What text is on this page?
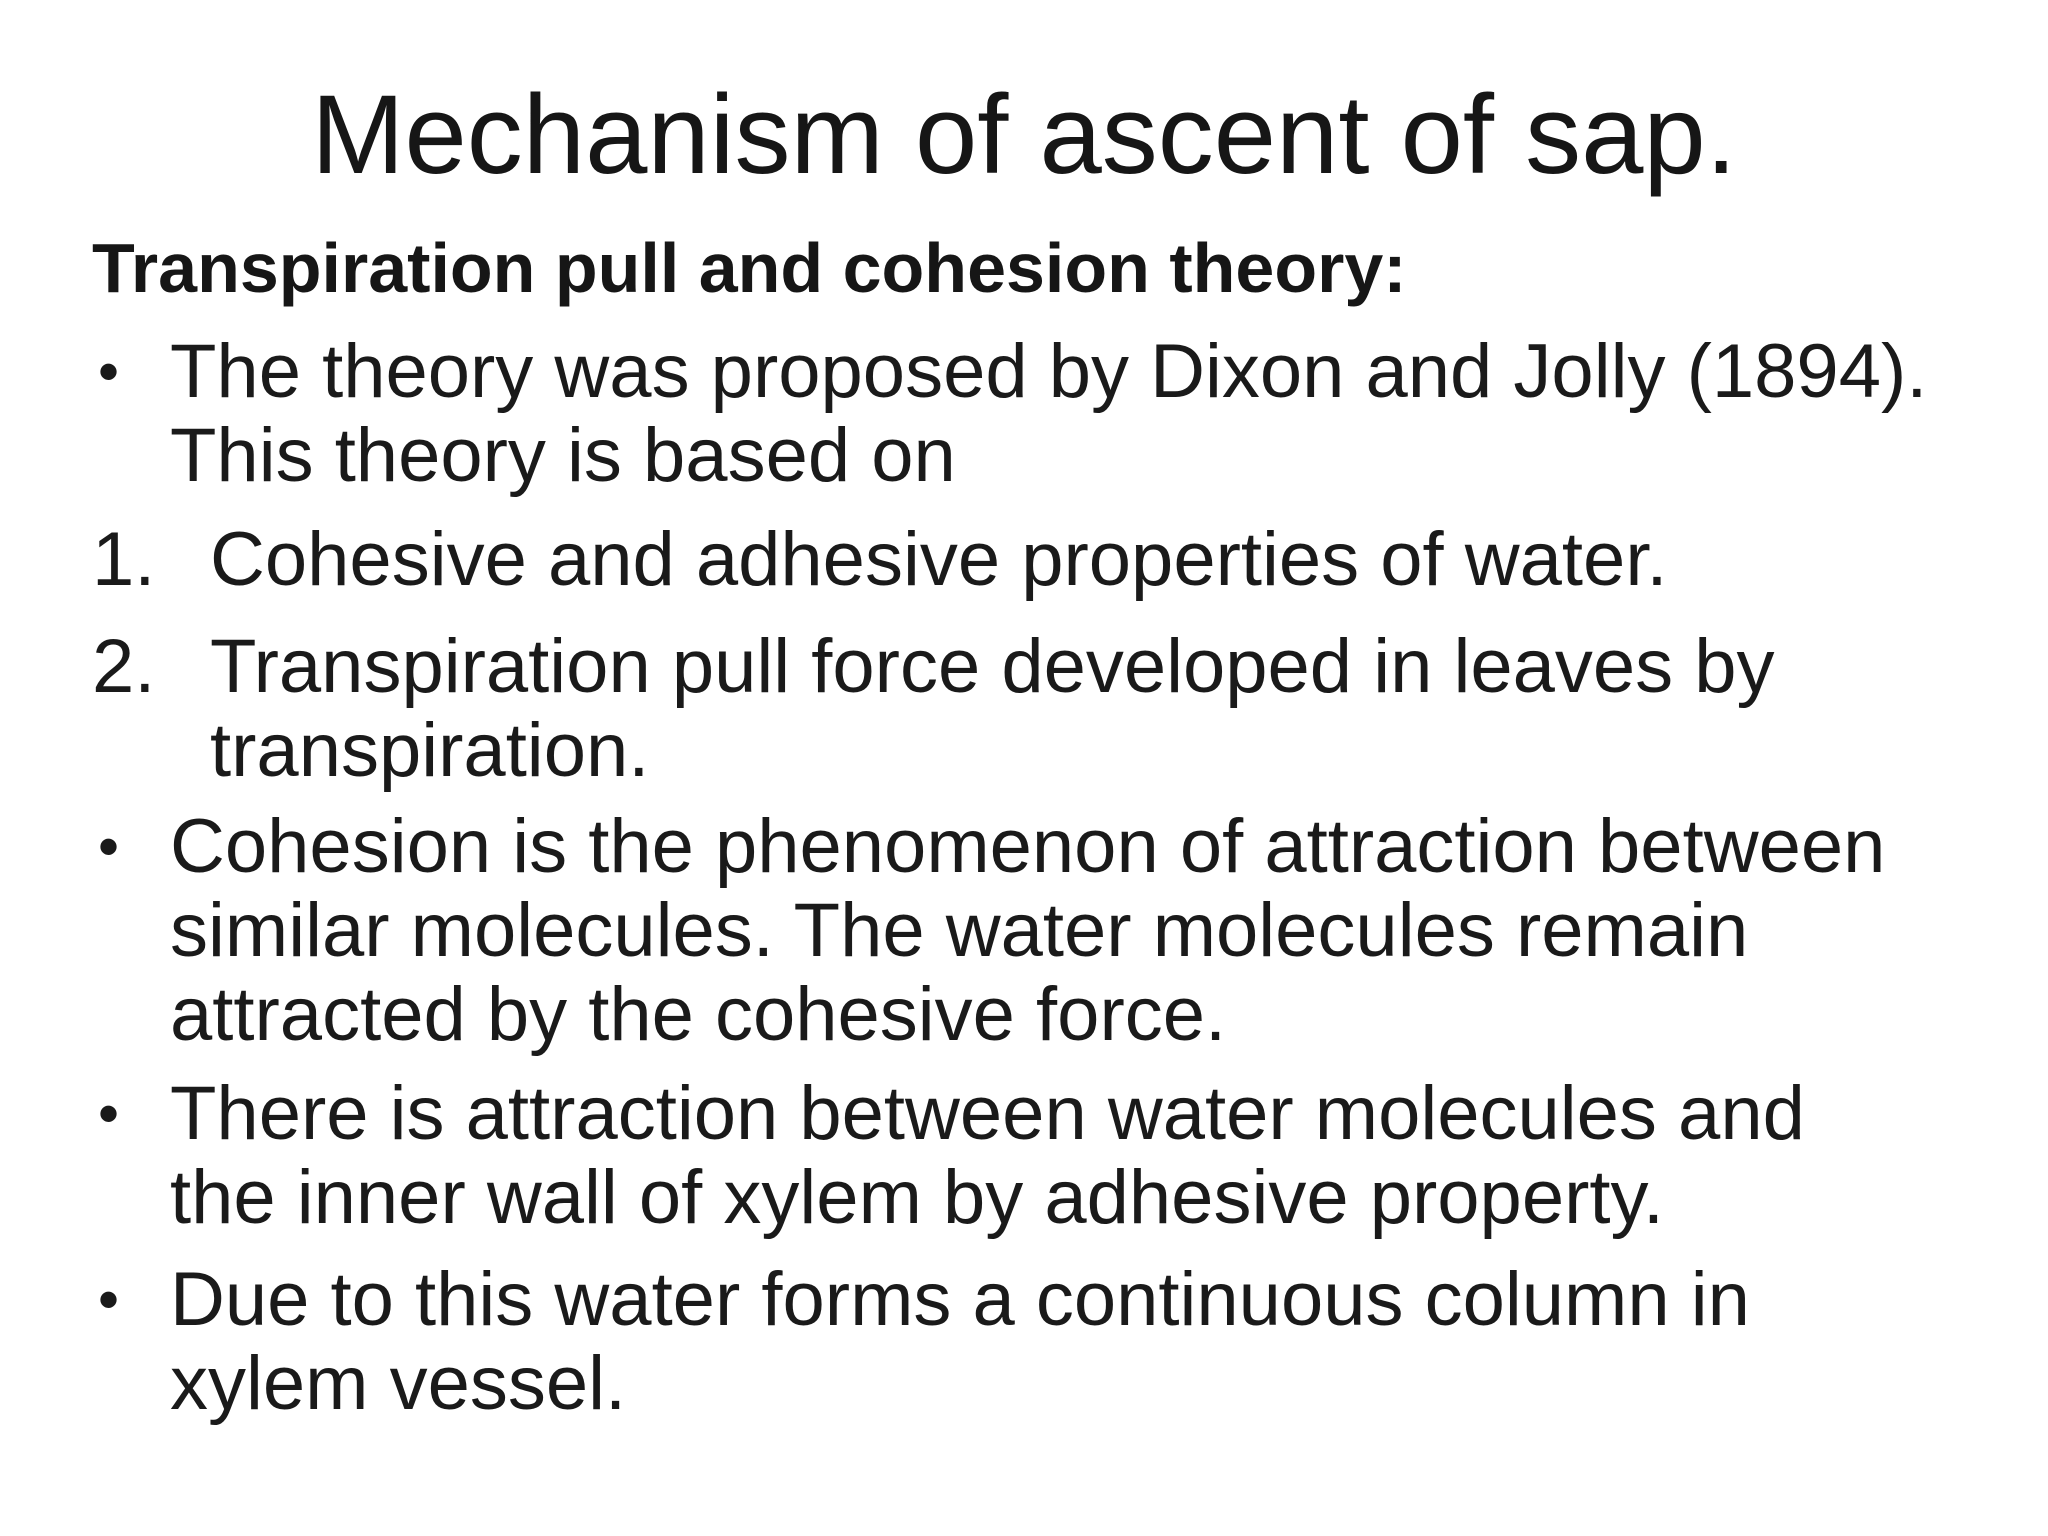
Mechanism of ascent of sap.
Transpiration pull and cohesion theory:
• The theory was proposed by Dixon and Jolly (1894).
This theory is based on
1. Cohesive and adhesive properties of water.
2. Transpiration pull force developed in leaves by
transpiration.
• Cohesion is the phenomenon of attraction between
similar molecules. The water molecules remain
attracted by the cohesive force.
• There is attraction between water molecules and
the inner wall of xylem by adhesive property.
• Due to this water forms a continuous column in
xylem vessel.
